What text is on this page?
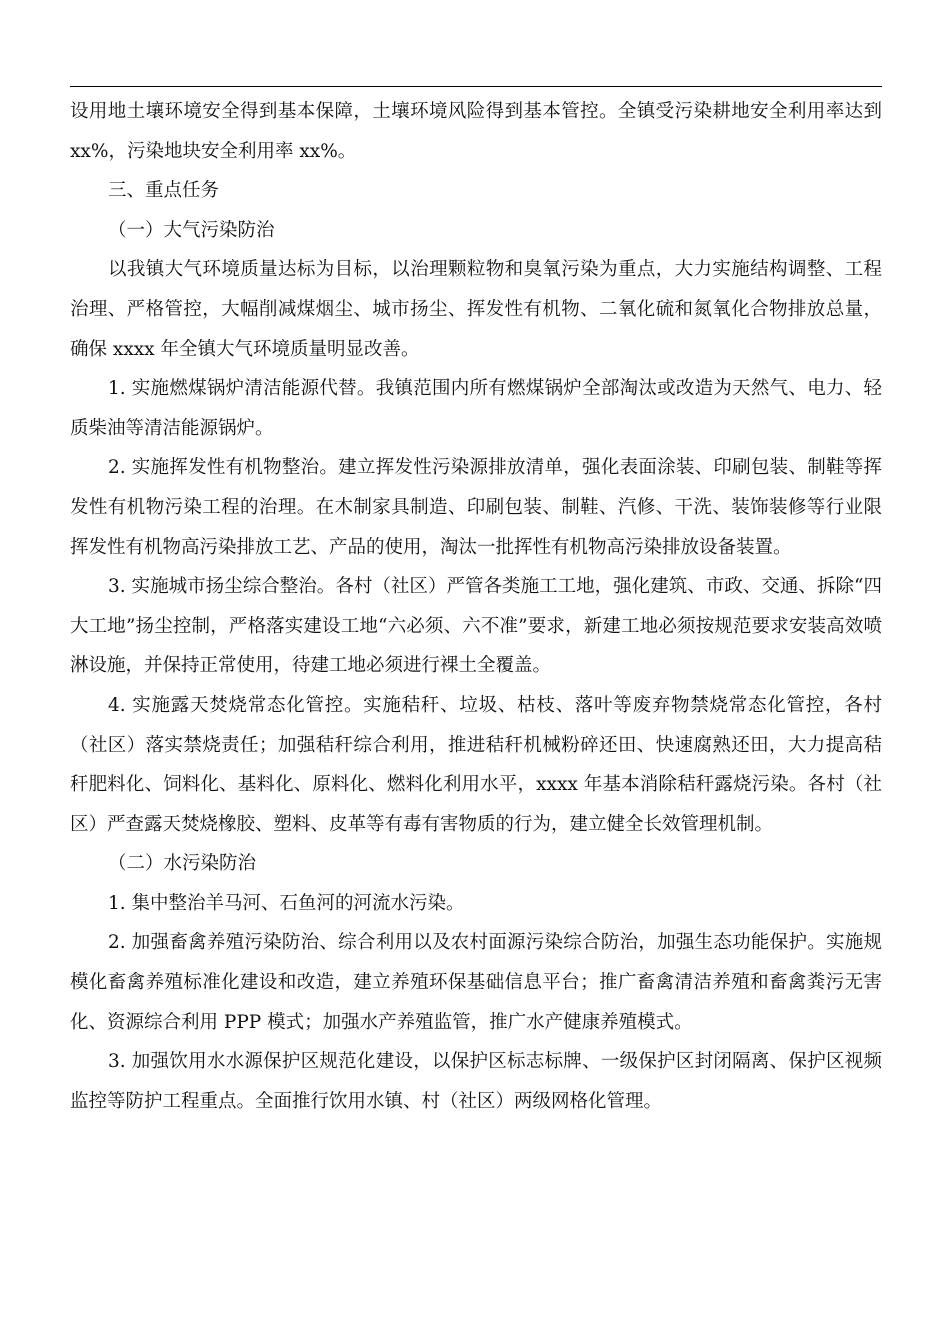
设用地土壤环境安全得到基本保障，土壤环境风险得到基本管控。全镇受污染耕地安全利用率达到 xx%，污染地块安全利用率 xx%。

三、重点任务

（一）大气污染防治

以我镇大气环境质量达标为目标，以治理颗粒物和臭氧污染为重点，大力实施结构调整、工程治理、严格管控，大幅削减煤烟尘、城市扬尘、挥发性有机物、二氧化硫和氮氧化合物排放总量，确保 xxxx 年全镇大气环境质量明显改善。

1. 实施燃煤锅炉清洁能源代替。我镇范围内所有燃煤锅炉全部淘汰或改造为天然气、电力、轻质柴油等清洁能源锅炉。

2. 实施挥发性有机物整治。建立挥发性污染源排放清单，强化表面涂装、印刷包装、制鞋等挥发性有机物污染工程的治理。在木制家具制造、印刷包装、制鞋、汽修、干洗、装饰装修等行业限挥发性有机物高污染排放工艺、产品的使用，淘汰一批挥性有机物高污染排放设备装置。

3. 实施城市扬尘综合整治。各村（社区）严管各类施工工地，强化建筑、市政、交通、拆除“四大工地”扬尘控制，严格落实建设工地“六必须、六不准”要求，新建工地必须按规范要求安装高效喷淋设施，并保持正常使用，待建工地必须进行裸土全覆盖。

4. 实施露天焚烧常态化管控。实施秸秆、垃圾、枯枝、落叶等废弃物禁烧常态化管控，各村（社区）落实禁烧责任；加强秸秆综合利用，推进秸秆机械粉碎还田、快速腐熟还田，大力提高秸秆肥料化、饲料化、基料化、原料化、燃料化利用水平，xxxx 年基本消除秸秆露烧污染。各村（社区）严查露天焚烧橡胶、塑料、皮革等有毒有害物质的行为，建立健全长效管理机制。

（二）水污染防治

1. 集中整治羊马河、石鱼河的河流水污染。

2. 加强畜禽养殖污染防治、综合利用以及农村面源污染综合防治，加强生态功能保护。实施规模化畜禽养殖标准化建设和改造，建立养殖环保基础信息平台；推广畜禽清洁养殖和畜禽粪污无害化、资源综合利用 PPP 模式；加强水产养殖监管，推广水产健康养殖模式。

3. 加强饮用水水源保护区规范化建设，以保护区标志标牌、一级保护区封闭隔离、保护区视频监控等防护工程重点。全面推行饮用水镇、村（社区）两级网格化管理。
